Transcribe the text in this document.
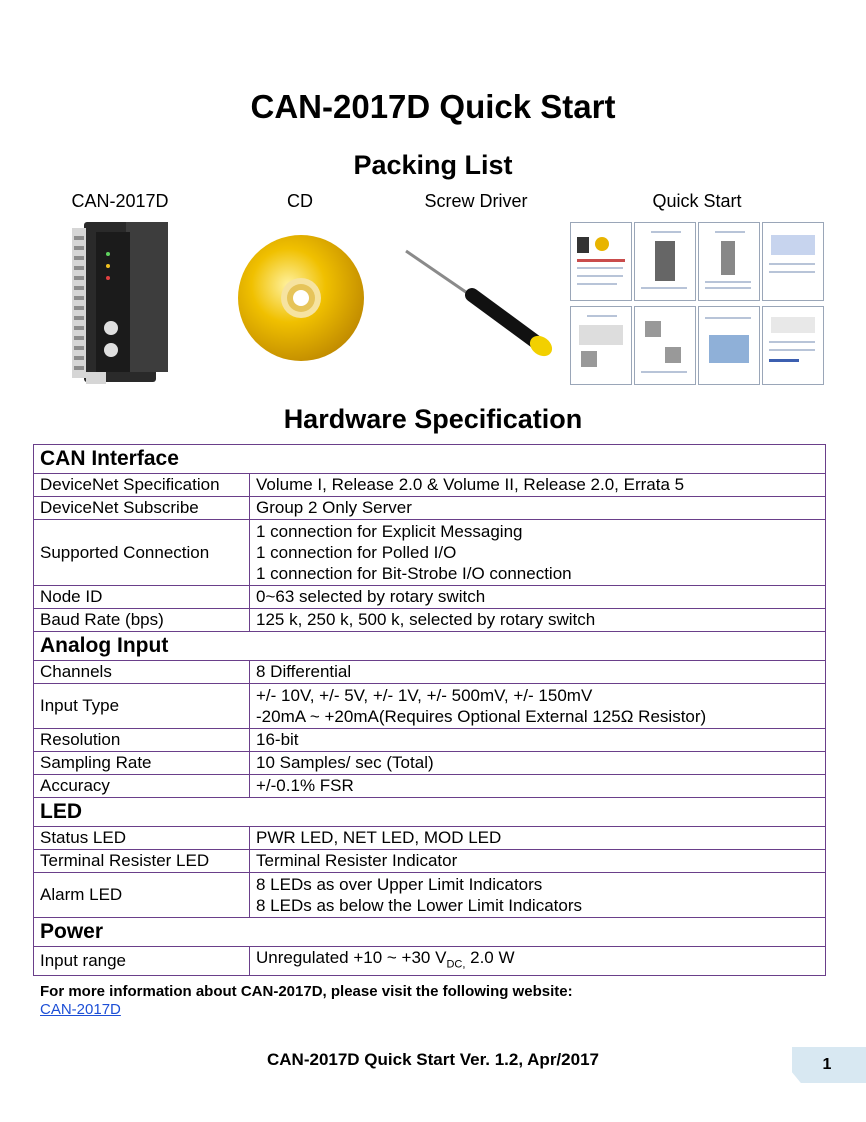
CAN-2017D Quick Start
Packing List
CAN-2017D	CD	Screw Driver	Quick Start
Hardware Specification
CAN Interface	
DeviceNet Specification	Volume I, Release 2.0 & Volume II, Release 2.0, Errata 5
DeviceNet Subscribe	Group 2 Only Server
Supported Connection	1 connection for Explicit Messaging
1 connection for Polled I/O
1 connection for Bit-Strobe I/O connection

Node ID	0~63 selected by rotary switch
Baud Rate (bps)	125 k, 250 k, 500 k, selected by rotary switch
Analog Input	
Channels	8 Differential
Input Type	+/- 10V, +/- 5V, +/- 1V, +/- 500mV, +/- 150mV
-20mA ~ +20mA(Requires Optional External 125Ω Resistor)

Resolution	16-bit
Sampling Rate	10 Samples/ sec (Total)
Accuracy	+/-0.1% FSR
LED	
Status LED	PWR LED, NET LED, MOD LED
Terminal Resister LED	Terminal Resister Indicator
Alarm LED	8 LEDs as over Upper Limit Indicators
8 LEDs as below the Lower Limit Indicators

Power	
Input range	Unregulated +10 ~ +30 $V_{DC,}$ 2.0 W
For more information about CAN-2017D, please visit the following website:
CAN-2017D
CAN-2017D Quick Start Ver. 1.2, Apr/2017	1
